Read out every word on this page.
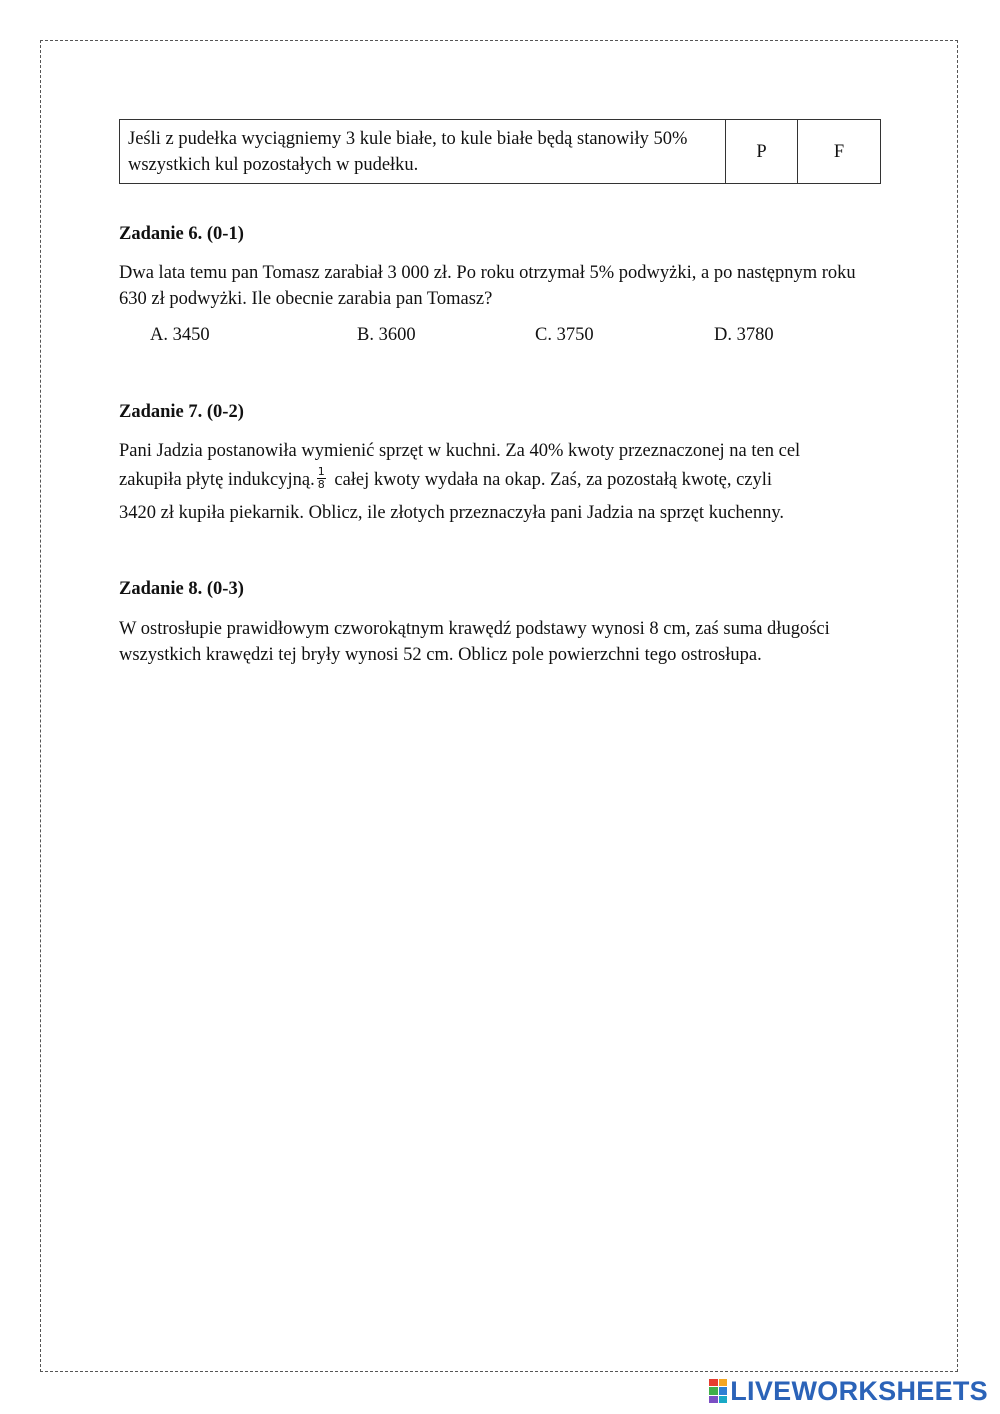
Jeśli z pudełka wyciągniemy 3 kule białe, to kule białe będą stanowiły 50% wszystkich kul pozostałych w pudełku.	P	F
Zadanie 6. (0-1)
Dwa lata temu pan Tomasz zarabiał 3 000 zł. Po roku otrzymał 5% podwyżki, a po następnym roku 630 zł podwyżki. Ile obecnie zarabia pan Tomasz?
A. 3450	B. 3600	C. 3750	D. 3780
Zadanie 7. (0-2)
Pani Jadzia postanowiła wymienić sprzęt w kuchni. Za 40% kwoty przeznaczonej na ten cel
zakupiła płytę indukcyjną. $\frac{1}{8}$ całej kwoty wydała na okap. Zaś, za pozostałą kwotę, czyli
3420 zł kupiła piekarnik. Oblicz, ile złotych przeznaczyła pani Jadzia na sprzęt kuchenny.
Zadanie 8. (0-3)
W ostrosłupie prawidłowym czworokątnym krawędź podstawy wynosi 8 cm, zaś suma długości wszystkich krawędzi tej bryły wynosi 52 cm. Oblicz pole powierzchni tego ostrosłupa.
LIVEWORKSHEETS
